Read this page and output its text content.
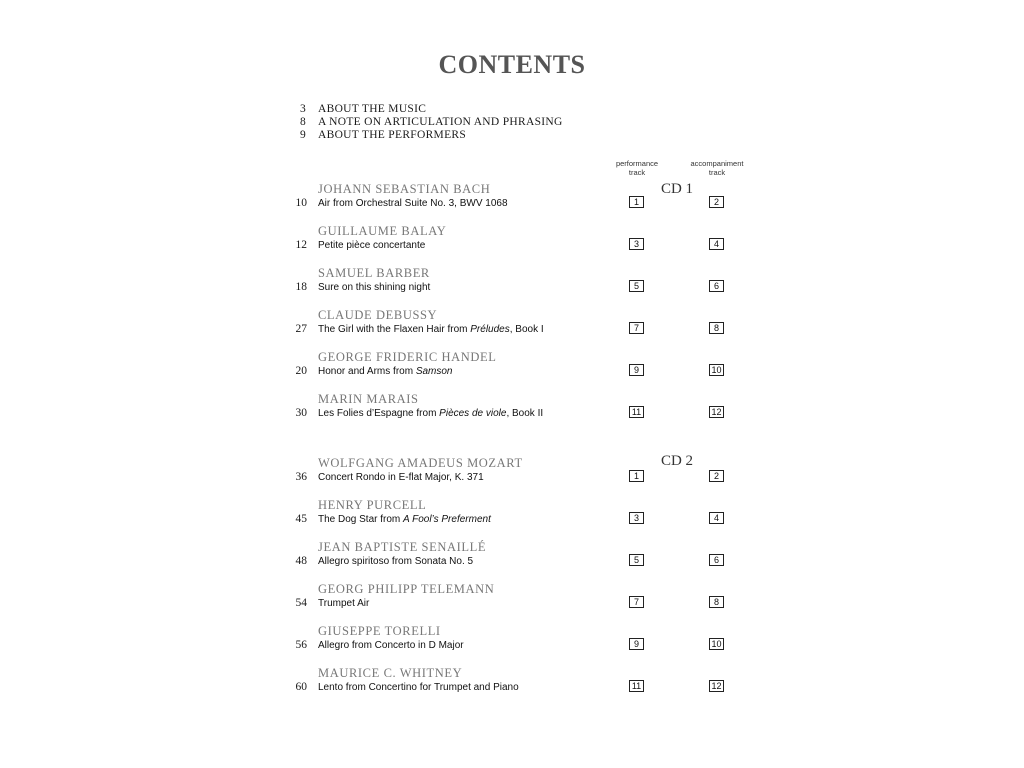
CONTENTS
3 ABOUT THE MUSIC
8 A NOTE ON ARTICULATION AND PHRASING
9 ABOUT THE PERFORMERS
performance
track
accompaniment
track
CD 1
CD 2
JOHANN SEBASTIAN BACH
10 Air from Orchestral Suite No. 3, BWV 1068	1	2
GUILLAUME BALAY
12 Petite pièce concertante	3	4
SAMUEL BARBER
18 Sure on this shining night	5	6
CLAUDE DEBUSSY
27 The Girl with the Flaxen Hair from Préludes, Book I	7	8
GEORGE FRIDERIC HANDEL
20 Honor and Arms from Samson	9	10
MARIN MARAIS
30 Les Folies d’Espagne from Pièces de viole, Book II	11	12
WOLFGANG AMADEUS MOZART
36 Concert Rondo in E-flat Major, K. 371	1	2
HENRY PURCELL
45 The Dog Star from A Fool’s Preferment	3	4
JEAN BAPTISTE SENAILLÉ
48 Allegro spiritoso from Sonata No. 5	5	6
GEORG PHILIPP TELEMANN
54 Trumpet Air	7	8
GIUSEPPE TORELLI
56 Allegro from Concerto in D Major	9	10
MAURICE C. WHITNEY
60 Lento from Concertino for Trumpet and Piano	11	12
